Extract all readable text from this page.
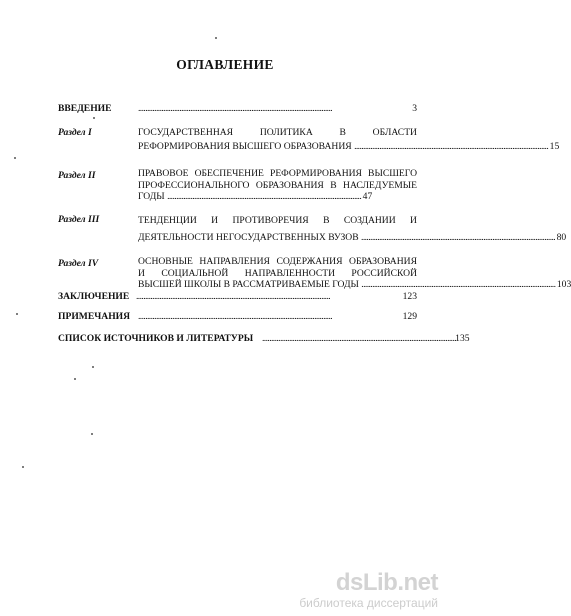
ОГЛАВЛЕНИЕ
ВВЕДЕНИЕ . . .	3
Раздел I	ГОСУДАРСТВЕННАЯ ПОЛИТИКА В ОБЛАСТИ
РЕФОРМИРОВАНИЯ ВЫСШЕГО ОБРАЗОВАНИЯ . . .	15
Раздел II	ПРАВОВОЕ ОБЕСПЕЧЕНИЕ РЕФОРМИРОВАНИЯ ВЫСШЕГО
ПРОФЕССИОНАЛЬНОГО ОБРАЗОВАНИЯ В НАСЛЕДУЕМЫЕ
ГОДЫ . . .	47
Раздел III	ТЕНДЕНЦИИ И ПРОТИВОРЕЧИЯ В СОЗДАНИИ И
ДЕЯТЕЛЬНОСТИ НЕГОСУДАРСТВЕННЫХ ВУЗОВ . . .	80
Раздел IV	ОСНОВНЫЕ НАПРАВЛЕНИЯ СОДЕРЖАНИЯ ОБРАЗОВАНИЯ
И СОЦИАЛЬНОЙ НАПРАВЛЕННОСТИ РОССИЙСКОЙ
ВЫСШЕЙ ШКОЛЫ В РАССМАТРИВАЕМЫЕ ГОДЫ . . .	103
ЗАКЛЮЧЕНИЕ . . .	123
ПРИМЕЧАНИЯ . . .	129
СПИСОК ИСТОЧНИКОВ И ЛИТЕРАТУРЫ . . .	135
dsLib.net
библиотека диссертаций
